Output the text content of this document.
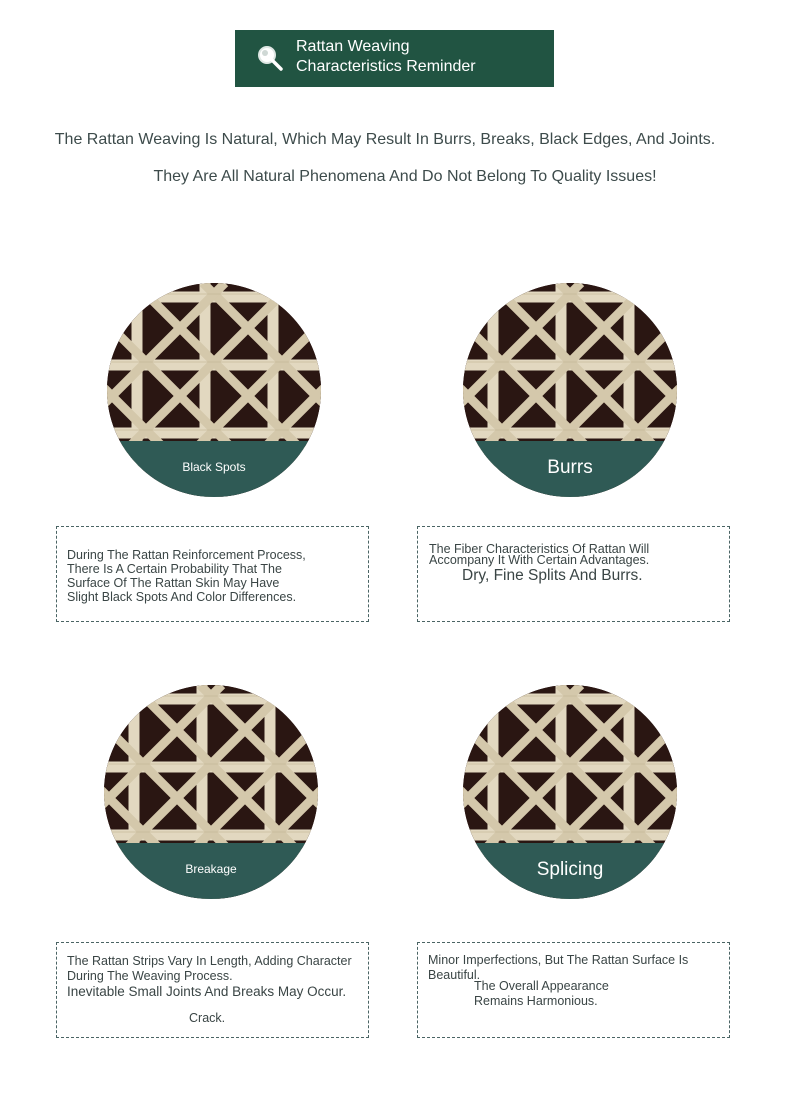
Rattan Weaving
Characteristics Reminder
The Rattan Weaving Is Natural, Which May Result In Burrs, Breaks, Black Edges, And Joints.
They Are All Natural Phenomena And Do Not Belong To Quality Issues!
Black Spots
During The Rattan Reinforcement Process,
There Is A Certain Probability That The
Surface Of The Rattan Skin May Have
Slight Black Spots And Color Differences.
Burrs
The Fiber Characteristics Of Rattan Will
Accompany It With Certain Advantages.
Dry, Fine Splits And Burrs.
Breakage
The Rattan Strips Vary In Length, Adding Character
During The Weaving Process.
Inevitable Small Joints And Breaks May Occur.
Crack.
Splicing
Minor Imperfections, But The Rattan Surface Is
Beautiful.
The Overall Appearance
Remains Harmonious.
